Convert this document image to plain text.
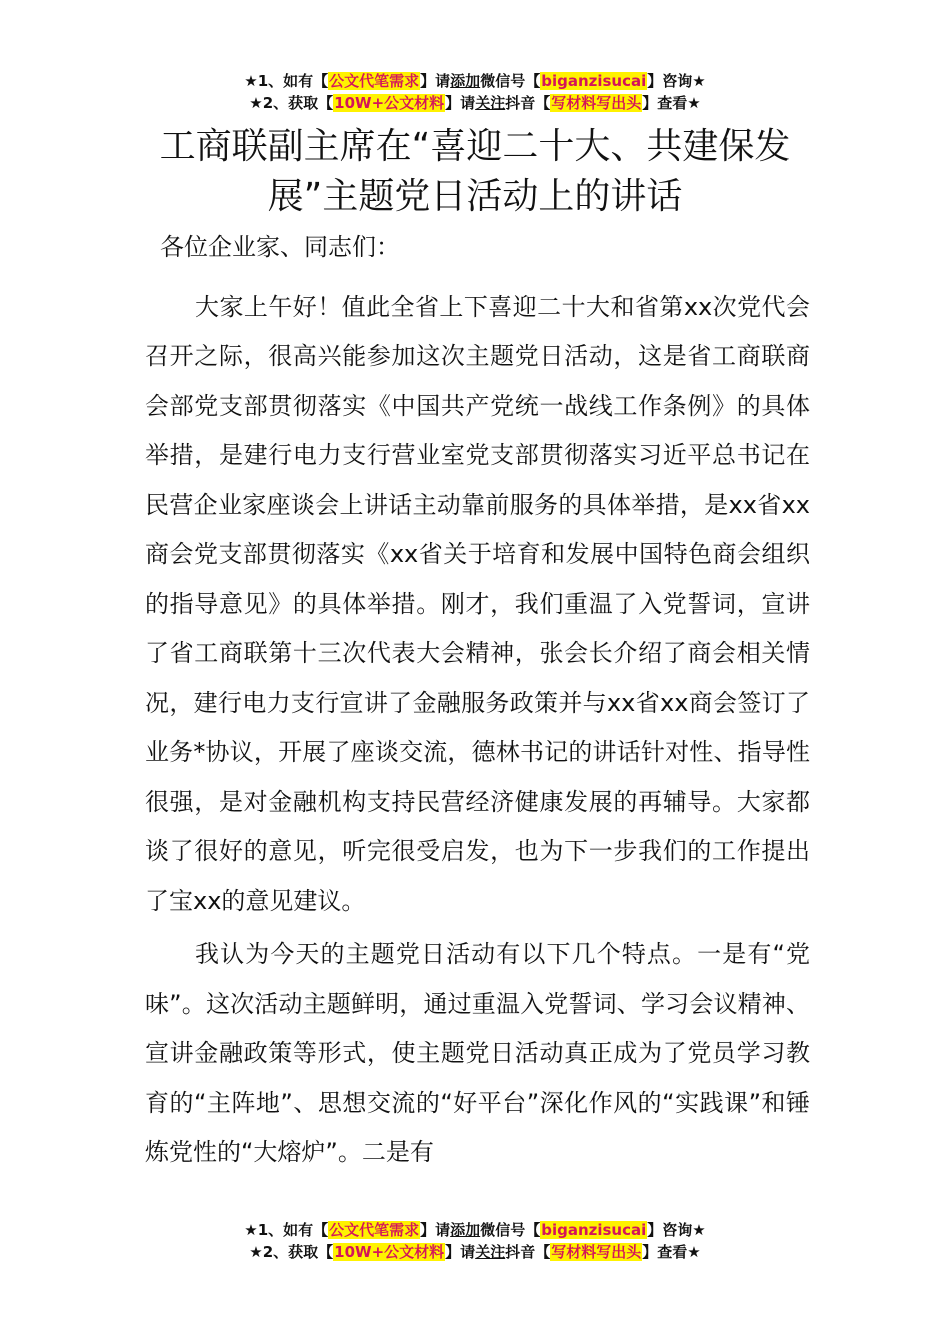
★1、如有【公文代笔需求】请添加微信号【biganzisucai】咨询★
★2、获取【10W+公文材料】请关注抖音【写材料写出头】查看★
工商联副主席在“喜迎二十大、共建保发
展”主题党日活动上的讲话

各位企业家、同志们：

大家上午好！值此全省上下喜迎二十大和省第xx次党代会召开之际，很高兴能参加这次主题党日活动，这是省工商联商会部党支部贯彻落实《中国共产党统一战线工作条例》的具体举措，是建行电力支行营业室党支部贯彻落实习近平总书记在民营企业家座谈会上讲话主动靠前服务的具体举措，是xx省xx商会党支部贯彻落实《xx省关于培育和发展中国特色商会组织的指导意见》的具体举措。刚才，我们重温了入党誓词，宣讲了省工商联第十三次代表大会精神，张会长介绍了商会相关情况，建行电力支行宣讲了金融服务政策并与xx省xx商会签订了业务*协议，开展了座谈交流，德林书记的讲话针对性、指导性很强，是对金融机构支持民营经济健康发展的再辅导。大家都谈了很好的意见，听完很受启发，也为下一步我们的工作提出了宝xx的意见建议。

我认为今天的主题党日活动有以下几个特点。一是有“党味”。这次活动主题鲜明，通过重温入党誓词、学习会议精神、宣讲金融政策等形式，使主题党日活动真正成为了党员学习教育的“主阵地”、思想交流的“好平台”深化作风的“实践课”和锤炼党性的“大熔炉”。二是有

★1、如有【公文代笔需求】请添加微信号【biganzisucai】咨询★
★2、获取【10W+公文材料】请关注抖音【写材料写出头】查看★
